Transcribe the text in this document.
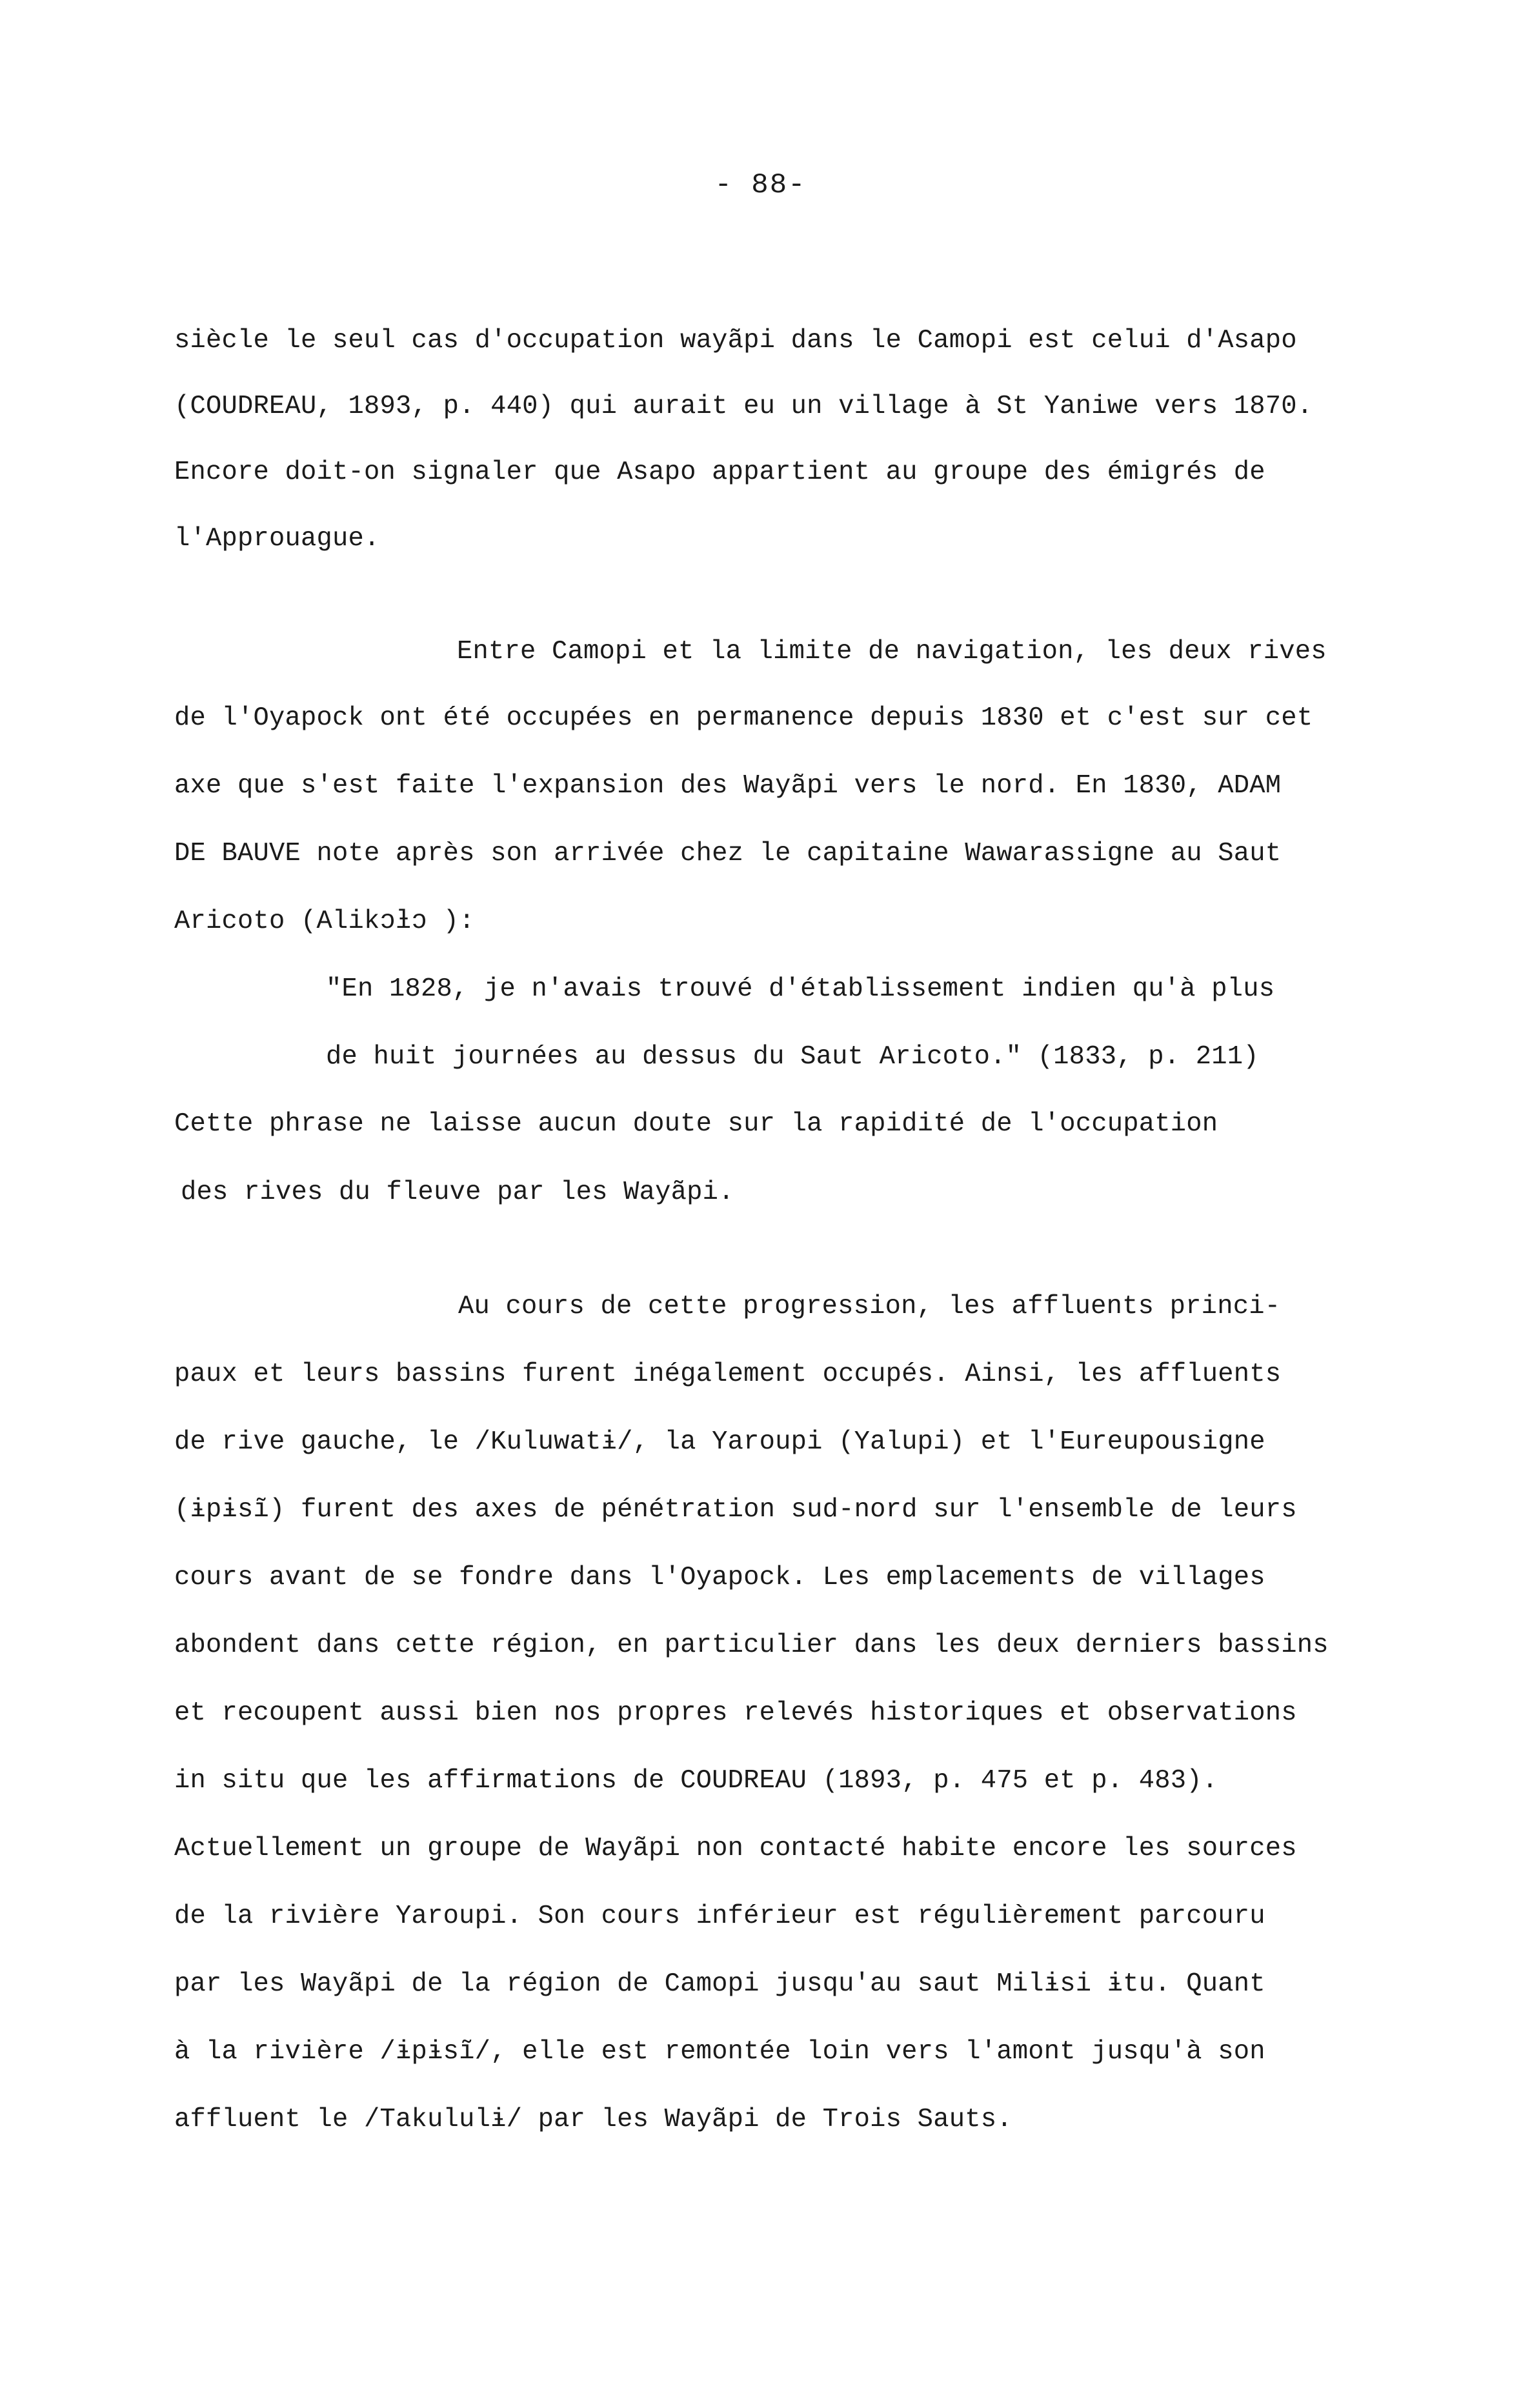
- 88-
siècle le seul cas d'occupation wayãpi dans le Camopi est celui d'Asapo
(COUDREAU, 1893, p. 440) qui aurait eu un village à St Yaniwe vers 1870.
Encore doit-on signaler que Asapo appartient au groupe des émigrés de
l'Approuague.
Entre Camopi et la limite de navigation, les deux rives
de l'Oyapock ont été occupées en permanence depuis 1830 et c'est sur cet
axe que s'est faite l'expansion des Wayãpi vers le nord. En 1830, ADAM
DE BAUVE note après son arrivée chez le capitaine Wawarassigne au Saut
Aricoto (Alikɔƚɔ ):
"En 1828, je n'avais trouvé d'établissement indien qu'à plus
de huit journées au dessus du Saut Aricoto." (1833, p. 211)
Cette phrase ne laisse aucun doute sur la rapidité de l'occupation
des rives du fleuve par les Wayãpi.
Au cours de cette progression, les affluents princi-
paux et leurs bassins furent inégalement occupés. Ainsi, les affluents
de rive gauche, le /Kuluwatɨ/, la Yaroupi (Yalupi) et l'Eureupousigne
(ɨpɨsĩ) furent des axes de pénétration sud-nord sur l'ensemble de leurs
cours avant de se fondre dans l'Oyapock. Les emplacements de villages
abondent dans cette région, en particulier dans les deux derniers bassins
et recoupent aussi bien nos propres relevés historiques et observations
in situ que les affirmations de COUDREAU (1893, p. 475 et p. 483).
Actuellement un groupe de Wayãpi non contacté habite encore les sources
de la rivière Yaroupi. Son cours inférieur est régulièrement parcouru
par les Wayãpi de la région de Camopi jusqu'au saut Milɨsi ɨtu. Quant
à la rivière /ɨpɨsĩ/, elle est remontée loin vers l'amont jusqu'à son
affluent le /Takululɨ/ par les Wayãpi de Trois Sauts.
